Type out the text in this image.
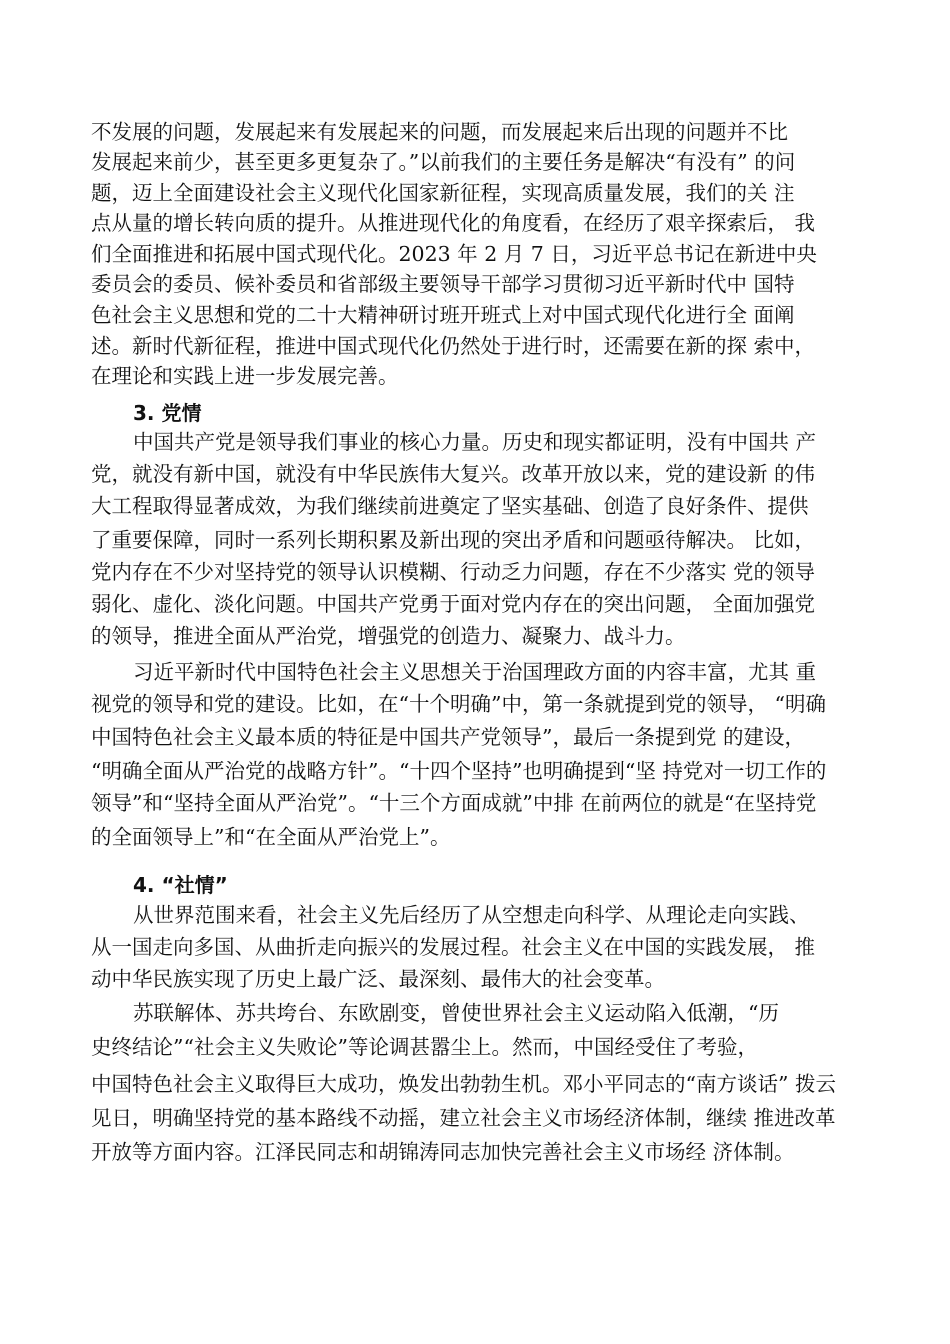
不发展的问题，发展起来有发展起来的问题，而发展起来后出现的问题并不比
发展起来前少，甚至更多更复杂了。”以前我们的主要任务是解决“有没有” 的问
题，迈上全面建设社会主义现代化国家新征程，实现高质量发展，我们的关 注
点从量的增长转向质的提升。从推进现代化的角度看，在经历了艰辛探索后， 我
们全面推进和拓展中国式现代化。2023 年 2 月 7 日，习近平总书记在新进中央
委员会的委员、候补委员和省部级主要领导干部学习贯彻习近平新时代中 国特
色社会主义思想和党的二十大精神研讨班开班式上对中国式现代化进行全 面阐
述。新时代新征程，推进中国式现代化仍然处于进行时，还需要在新的探 索中，
在理论和实践上进一步发展完善。
3. 党情
中国共产党是领导我们事业的核心力量。历史和现实都证明，没有中国共 产
党，就没有新中国，就没有中华民族伟大复兴。改革开放以来，党的建设新 的伟
大工程取得显著成效，为我们继续前进奠定了坚实基础、创造了良好条件、提供
了重要保障，同时一系列长期积累及新出现的突出矛盾和问题亟待解决。 比如，
党内存在不少对坚持党的领导认识模糊、行动乏力问题，存在不少落实 党的领导
弱化、虚化、淡化问题。中国共产党勇于面对党内存在的突出问题， 全面加强党
的领导，推进全面从严治党，增强党的创造力、凝聚力、战斗力。
习近平新时代中国特色社会主义思想关于治国理政方面的内容丰富，尤其 重
视党的领导和党的建设。比如，在“十个明确”中，第一条就提到党的领导， “明确
中国特色社会主义最本质的特征是中国共产党领导”，最后一条提到党 的建设，
“明确全面从严治党的战略方针”。“十四个坚持”也明确提到“坚 持党对一切工作的
领导”和“坚持全面从严治党”。“十三个方面成就”中排 在前两位的就是“在坚持党
的全面领导上”和“在全面从严治党上”。
4. “社情”
从世界范围来看，社会主义先后经历了从空想走向科学、从理论走向实践、
从一国走向多国、从曲折走向振兴的发展过程。社会主义在中国的实践发展， 推
动中华民族实现了历史上最广泛、最深刻、最伟大的社会变革。
苏联解体、苏共垮台、东欧剧变，曾使世界社会主义运动陷入低潮，“历
史终结论”“社会主义失败论”等论调甚嚣尘上。然而，中国经受住了考验，
中国特色社会主义取得巨大成功，焕发出勃勃生机。邓小平同志的“南方谈话” 拨云
见日，明确坚持党的基本路线不动摇，建立社会主义市场经济体制，继续 推进改革
开放等方面内容。江泽民同志和胡锦涛同志加快完善社会主义市场经 济体制。
